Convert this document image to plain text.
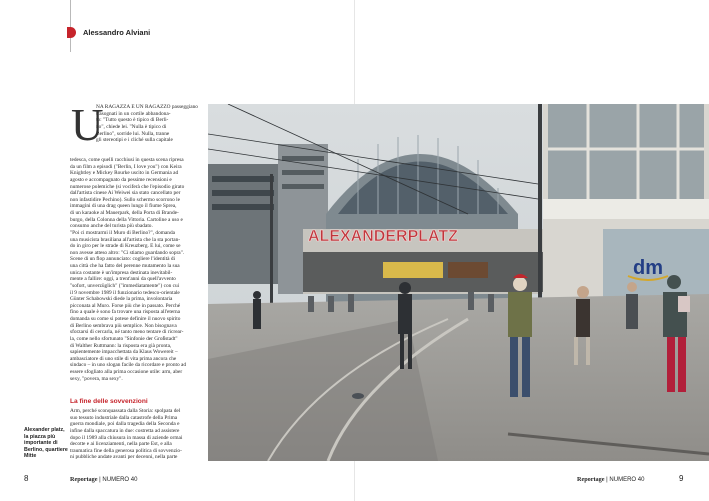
Alessandro Alviani
U
NA RAGAZZA E UN RAGAZZO passeggiano
trasognati in un cortile abbandona-
to: "Tutto questo è tipico di Berli-
no", chiede lei. "Nulla è tipico di
Berlino", sorride lui. Nulla, tranne
gli stereotipi e i cliché sulla capitale
tedesca, come quelli racchiusi in questa scena ripresa
da un film a episodi ("Berlin, I love you") con Keira
Knightley e Mickey Rourke uscito in Germania ad
agosto e accompagnato da pessime recensioni e
numerose polemiche (si vociferà che l'episodio girato
dall'artista cinese Ai Weiwei sia stato cancellato per
non infastidire Pechino). Sullo schermo scorrono le
immagini di una drag queen lungo il fiume Sprea,
di un karaoke al Mauerpark, della Porta di Brande-
burgo, della Colonna della Vittoria. Cartoline a uso e
consumo anche del turista più sbadato.
"Poi ci mostrarmi il Muro di Berlino?", domanda
una musicista brasiliana all'artista che la sta portan-
do in giro per le strade di Kreuzberg. E lui, come se
non avesse atteso altro: "Ci stiamo guardando sopra".
Scene di un flop annunciato: cogliere l'identità di
una città che ha fatto del perenne mutamento la sua
unica costante è un'impresa destinata inevitabil-
mente a fallire: oggi, a trent'anni da quell'avvento
"sofort, unverzüglich" ("immediatamente") con cui
il 9 novembre 1989 il funzionario tedesco-orientale
Günter Schabowski diede la prima, involontaria
picconata al Muro. Forse più che in passato. Perché
fino a quale è sono fa trovare una risposta all'eterna
domanda su come si potese definire il nuovo spirito
di Berlino sembrava più semplice. Non bisognava
sforzarsi di cercarla, né tanto meno tentare di ricrear-
la, come nello sfortunato "Sinfonie der Großstadt"
di Walther Ruttmann: la risposta era già pronta,
sapientemente impacchettata da Klaus Wowereit –
ambasciatore di uno stile di vita prima ancora che
sindaco – in uno slogan facile da ricordare e pronto ad
essere sfogliato alla prima occasione utile: arm, aber
sexy, "povera, ma sexy".
La fine delle sovvenzioni
Arm, perché sconquassata dalla Storia: spolpata del
suo tessuto industriale dalla catastrofe della Prima
guerra mondiale, poi dalla tragedia della Seconda e
infine dalla spaccatura in due: costretta ad assistere
dopo il 1989 alla chiusura in massa di aziende ormai
decotte e ai licenziamenti, nella parte Est, e alla
traumatica fine della generosa politica di sovvenzio-
ni pubbliche andate avanti per decenni, nella parte
Alexander platz, la piazza più importante di Berlino, quartiere Mitte
ALEXANDERPLATZ
dm
8	Reportage | NUMERO 40	Reportage | NUMERO 40	9
